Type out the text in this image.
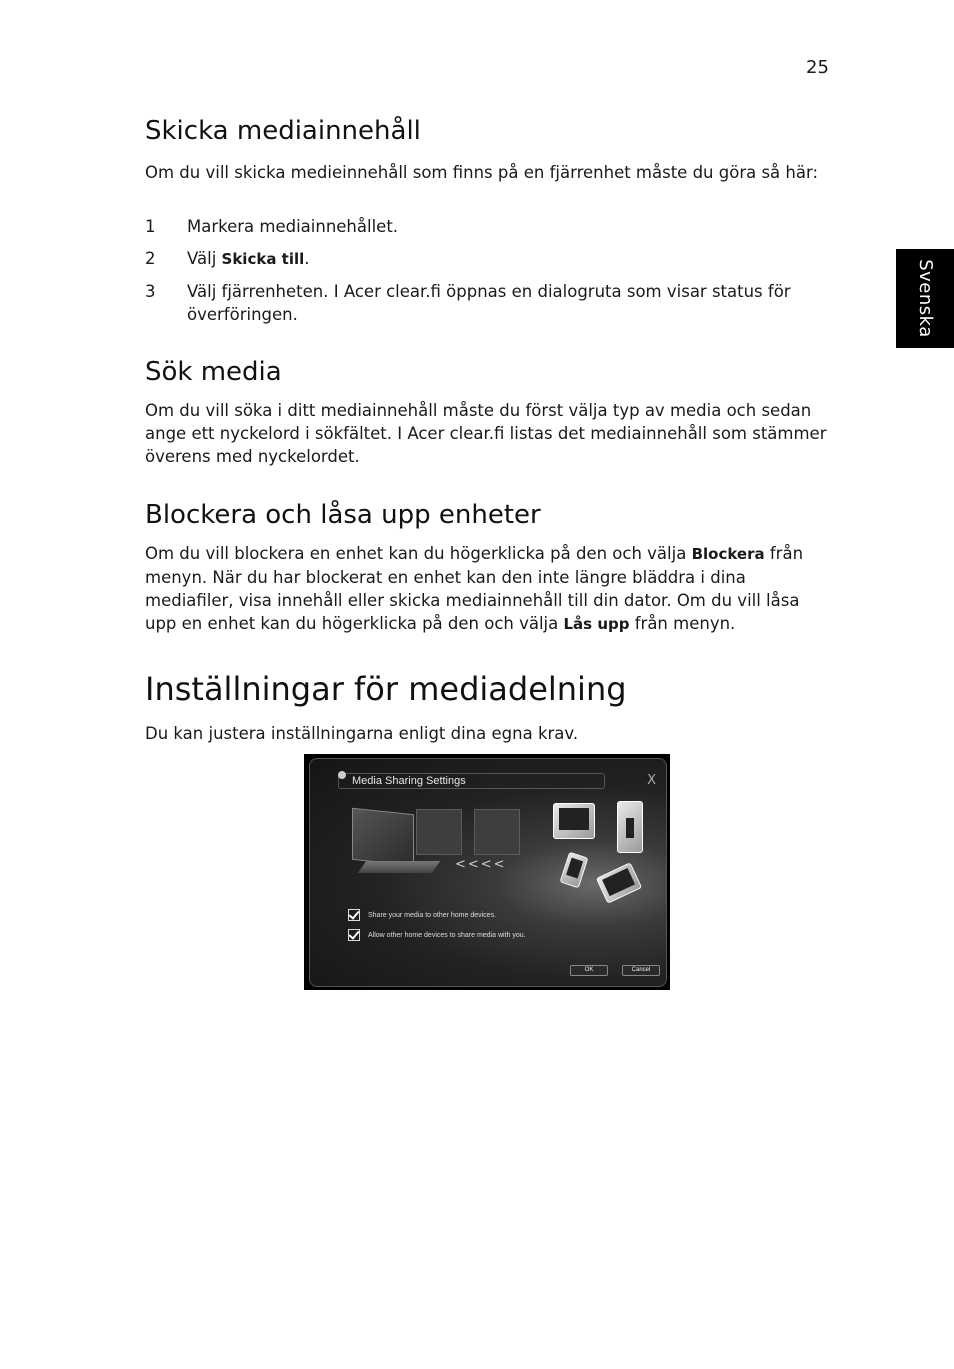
25
Svenska
Skicka mediainnehåll

Om du vill skicka medieinnehåll som finns på en fjärrenhet måste du göra så här:

1 Markera mediainnehållet.
2 Välj Skicka till.
3 Välj fjärrenheten. I Acer clear.fi öppnas en dialogruta som visar status för överföringen.
Sök media

Om du vill söka i ditt mediainnehåll måste du först välja typ av media och sedan ange ett nyckelord i sökfältet. I Acer clear.fi listas det mediainnehåll som stämmer överens med nyckelordet.

Blockera och låsa upp enheter

Om du vill blockera en enhet kan du högerklicka på den och välja Blockera från menyn. När du har blockerat en enhet kan den inte längre bläddra i dina mediafiler, visa innehåll eller skicka mediainnehåll till din dator. Om du vill låsa upp en enhet kan du högerklicka på den och välja Lås upp från menyn.

Inställningar för mediadelning

Du kan justera inställningarna enligt dina egna krav.

Media Sharing Settings	X
<<<<
Share your media to other home devices.
Allow other home devices to share media with you.
OK	Cancel
